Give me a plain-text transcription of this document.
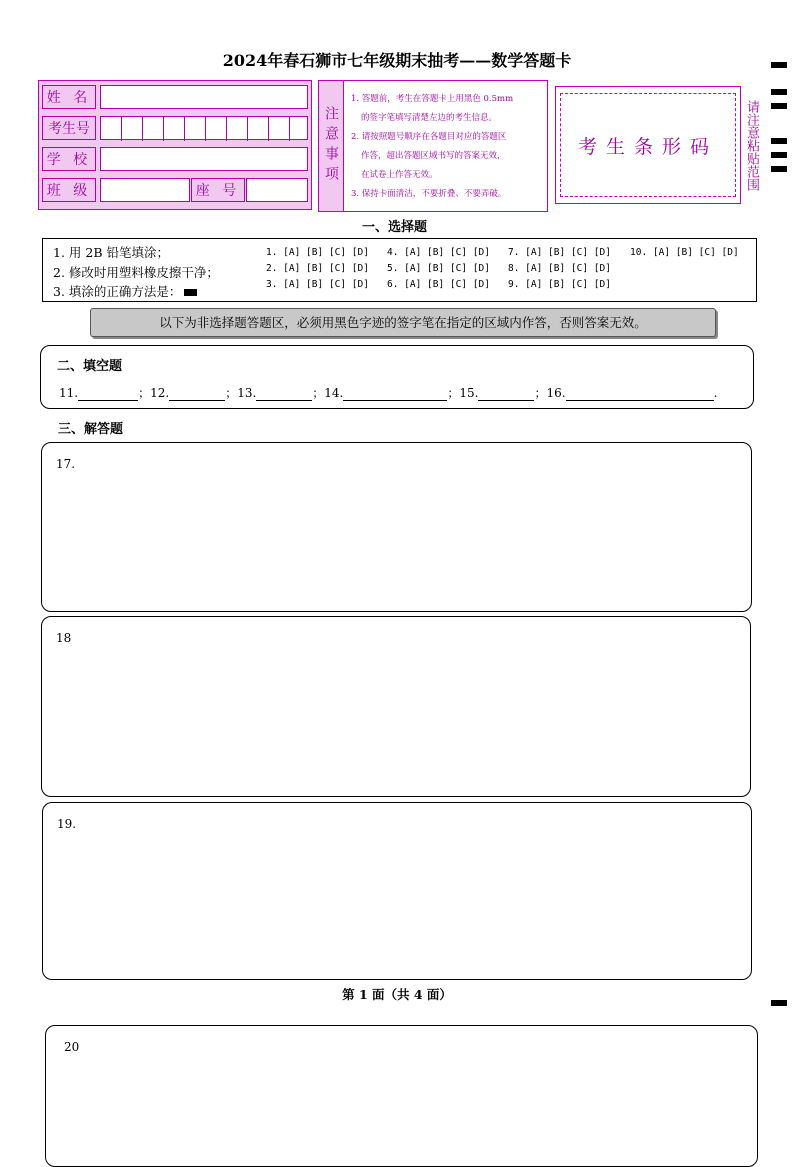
2024年春石狮市七年级期末抽考——数学答题卡
姓 名
考生号
学 校
班 级	座 号
注意事项
1. 答题前，考生在答题卡上用黑色 0.5mm
的签字笔填写清楚左边的考生信息。
2. 请按照题号顺序在各题目对应的答题区
作答，超出答题区域书写的答案无效，
在试卷上作答无效。
3. 保持卡面清洁，不要折叠、不要弄破。
考生条形码	请注意粘贴范围
一、选择题
1. 用 2B 铅笔填涂；
2. 修改时用塑料橡皮擦干净；
3. 填涂的正确方法是：
1. [A] [B] [C] [D] 4. [A] [B] [C] [D] 7. [A] [B] [C] [D] 10. [A] [B] [C] [D]
2. [A] [B] [C] [D] 5. [A] [B] [C] [D] 8. [A] [B] [C] [D]
3. [A] [B] [C] [D] 6. [A] [B] [C] [D] 9. [A] [B] [C] [D]
以下为非选择题答题区，必须用黑色字迹的签字笔在指定的区域内作答，否则答案无效。
二、填空题
11.	；12.	；13.	；14.	；15.	；16.	.
三、解答题
17.
18
19.
第 1 面（共 4 面）
20
